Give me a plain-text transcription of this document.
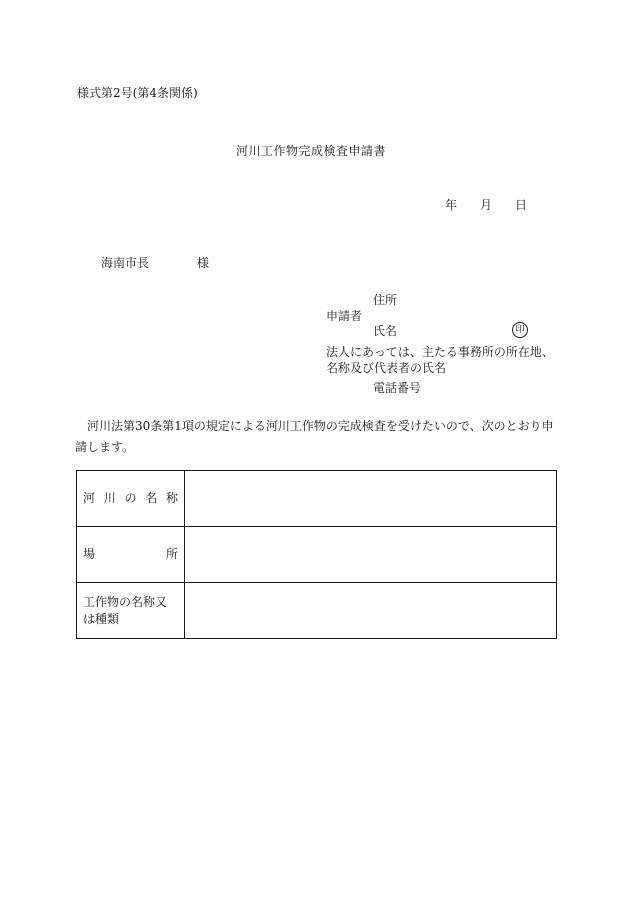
様式第2号(第4条関係)
河川工作物完成検査申請書
年 月 日
海南市長	様
住所
申請者
氏名	印
法人にあっては、主たる事務所の所在地、
名称及び代表者の氏名
電話番号
河川法第30条第1項の規定による河川工作物の完成検査を受けたいので、次のとおり申請します。
河 川 の 名 称	

場 所	

工作物の名称又は種類	
